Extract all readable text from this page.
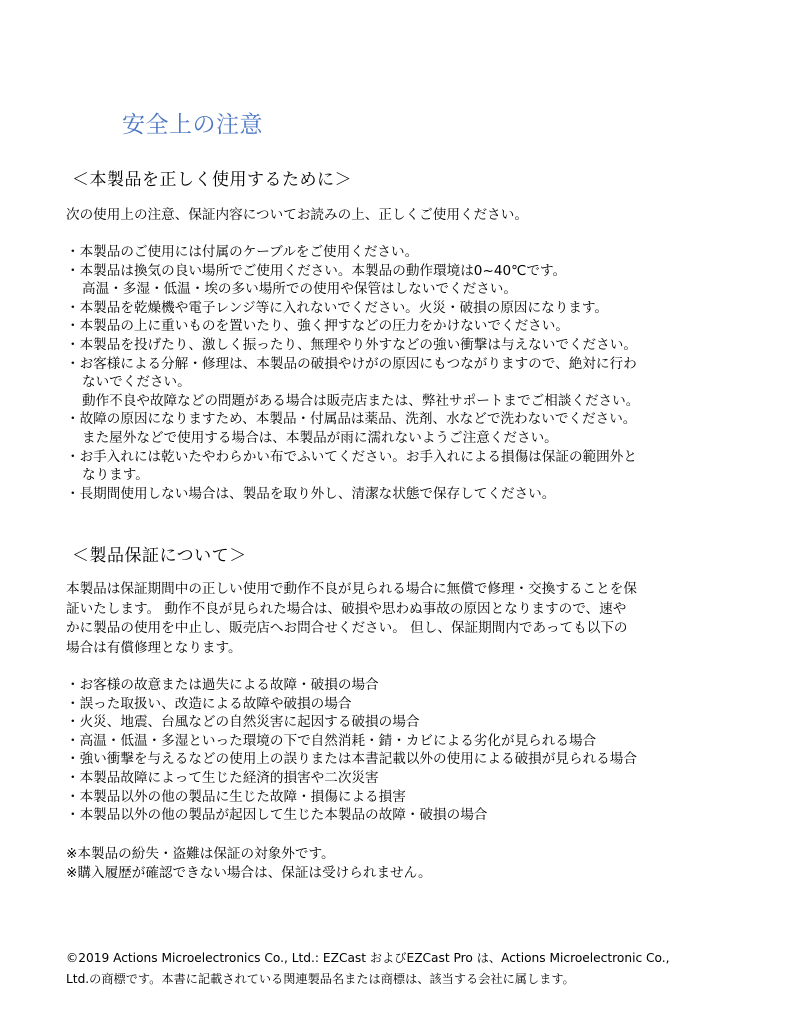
安全上の注意
＜本製品を正しく使用するために＞
次の使用上の注意、保証内容についてお読みの上、正しくご使用ください。
・本製品のご使用には付属のケーブルをご使用ください。
・本製品は換気の良い場所でご使用ください。本製品の動作環境は0~40℃です。
高温・多湿・低温・埃の多い場所での使用や保管はしないでください。
・本製品を乾燥機や電子レンジ等に入れないでください。火災・破損の原因になります。
・本製品の上に重いものを置いたり、強く押すなどの圧力をかけないでください。
・本製品を投げたり、激しく振ったり、無理やり外すなどの強い衝撃は与えないでください。
・お客様による分解・修理は、本製品の破損やけがの原因にもつながりますので、絶対に行わ
ないでください。
動作不良や故障などの問題がある場合は販売店または、弊社サポートまでご相談ください。
・故障の原因になりますため、本製品・付属品は薬品、洗剤、水などで洗わないでください。
また屋外などで使用する場合は、本製品が雨に濡れないようご注意ください。
・お手入れには乾いたやわらかい布でふいてください。お手入れによる損傷は保証の範囲外と
なります。
・長期間使用しない場合は、製品を取り外し、清潔な状態で保存してください。
＜製品保証について＞
本製品は保証期間中の正しい使用で動作不良が見られる場合に無償で修理・交換することを保
証いたします。 動作不良が見られた場合は、破損や思わぬ事故の原因となりますので、速や
かに製品の使用を中止し、販売店へお問合せください。 但し、保証期間内であっても以下の
場合は有償修理となります。
・お客様の故意または過失による故障・破損の場合
・誤った取扱い、改造による故障や破損の場合
・火災、地震、台風などの自然災害に起因する破損の場合
・高温・低温・多湿といった環境の下で自然消耗・錆・カビによる劣化が見られる場合
・強い衝撃を与えるなどの使用上の誤りまたは本書記載以外の使用による破損が見られる場合
・本製品故障によって生じた経済的損害や二次災害
・本製品以外の他の製品に生じた故障・損傷による損害
・本製品以外の他の製品が起因して生じた本製品の故障・破損の場合
※本製品の紛失・盗難は保証の対象外です。
※購入履歴が確認できない場合は、保証は受けられません。
©2019 Actions Microelectronics Co., Ltd.: EZCast およびEZCast Pro は、Actions Microelectronic Co.,
Ltd.の商標です。本書に記載されている関連製品名または商標は、該当する会社に属します。
